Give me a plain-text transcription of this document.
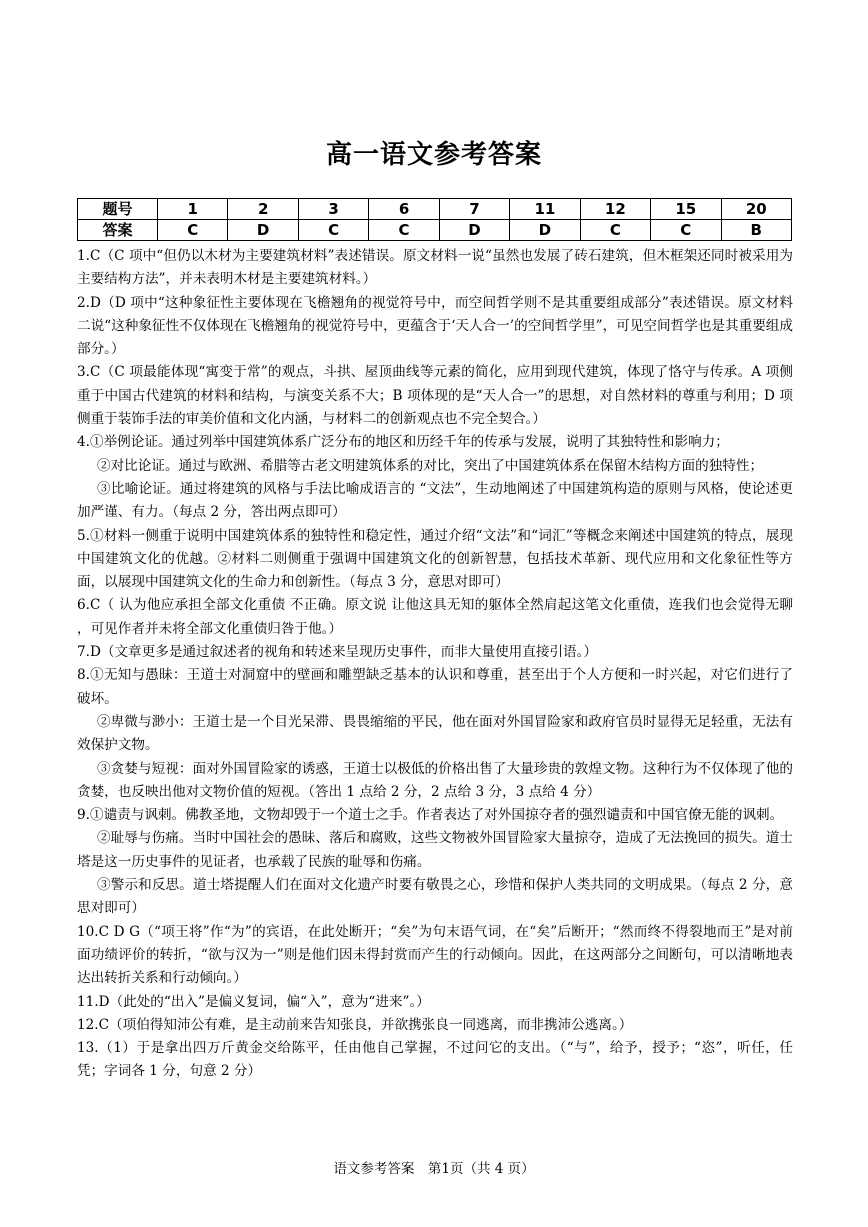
高一语文参考答案
题号	1	2	3	6	7	11	12	15	20
答案	C	D	C	C	D	D	C	C	B

1.C（C 项中“但仍以木材为主要建筑材料”表述错误。原文材料一说“虽然也发展了砖石建筑，但木框架还同时被采用为主要结构方法”，并未表明木材是主要建筑材料。）

2.D（D 项中“这种象征性主要体现在飞檐翘角的视觉符号中，而空间哲学则不是其重要组成部分”表述错误。原文材料二说“这种象征性不仅体现在飞檐翘角的视觉符号中，更蕴含于‘天人合一’的空间哲学里”，可见空间哲学也是其重要组成部分。）

3.C（C 项最能体现“寓变于常”的观点，斗拱、屋顶曲线等元素的简化，应用到现代建筑，体现了恪守与传承。A 项侧重于中国古代建筑的材料和结构，与演变关系不大；B 项体现的是“天人合一”的思想，对自然材料的尊重与利用；D 项侧重于装饰手法的审美价值和文化内涵，与材料二的创新观点也不完全契合。）

4.①举例论证。通过列举中国建筑体系广泛分布的地区和历经千年的传承与发展，说明了其独特性和影响力；

②对比论证。通过与欧洲、希腊等古老文明建筑体系的对比，突出了中国建筑体系在保留木结构方面的独特性；

③比喻论证。通过将建筑的风格与手法比喻成语言的 “文法”，生动地阐述了中国建筑构造的原则与风格，使论述更加严谨、有力。（每点 2 分，答出两点即可）

5.①材料一侧重于说明中国建筑体系的独特性和稳定性，通过介绍“文法”和“词汇”等概念来阐述中国建筑的特点，展现中国建筑文化的优越。②材料二则侧重于强调中国建筑文化的创新智慧，包括技术革新、现代应用和文化象征性等方面，以展现中国建筑文化的生命力和创新性。（每点 3 分，意思对即可）

6.C（ 认为他应承担全部文化重债 不正确。原文说 让他这具无知的躯体全然肩起这笔文化重债，连我们也会觉得无聊 ，可见作者并未将全部文化重债归咎于他。）

7.D（文章更多是通过叙述者的视角和转述来呈现历史事件，而非大量使用直接引语。）

8.①无知与愚昧：王道士对洞窟中的壁画和雕塑缺乏基本的认识和尊重，甚至出于个人方便和一时兴起，对它们进行了破坏。

②卑微与渺小：王道士是一个目光呆滞、畏畏缩缩的平民，他在面对外国冒险家和政府官员时显得无足轻重，无法有效保护文物。

③贪婪与短视：面对外国冒险家的诱惑，王道士以极低的价格出售了大量珍贵的敦煌文物。这种行为不仅体现了他的贪婪，也反映出他对文物价值的短视。（答出 1 点给 2 分，2 点给 3 分，3 点给 4 分）

9.①谴责与讽刺。佛教圣地，文物却毁于一个道士之手。作者表达了对外国掠夺者的强烈谴责和中国官僚无能的讽刺。

②耻辱与伤痛。当时中国社会的愚昧、落后和腐败，这些文物被外国冒险家大量掠夺，造成了无法挽回的损失。道士塔是这一历史事件的见证者，也承载了民族的耻辱和伤痛。

③警示和反思。道士塔提醒人们在面对文化遗产时要有敬畏之心，珍惜和保护人类共同的文明成果。（每点 2 分，意思对即可）

10.C D G（“项王将”作“为”的宾语，在此处断开；“矣”为句末语气词，在“矣”后断开；“然而终不得裂地而王”是对前面功绩评价的转折，“欲与汉为一”则是他们因未得封赏而产生的行动倾向。因此，在这两部分之间断句，可以清晰地表达出转折关系和行动倾向。）

11.D（此处的“出入”是偏义复词，偏“入”，意为“进来”。）

12.C（项伯得知沛公有难，是主动前来告知张良，并欲携张良一同逃离，而非携沛公逃离。）

13.（1）于是拿出四万斤黄金交给陈平，任由他自己掌握，不过问它的支出。（“与”，给予，授予；“恣”，听任，任凭；字词各 1 分，句意 2 分）

语文参考答案　第1页（共 4 页）
